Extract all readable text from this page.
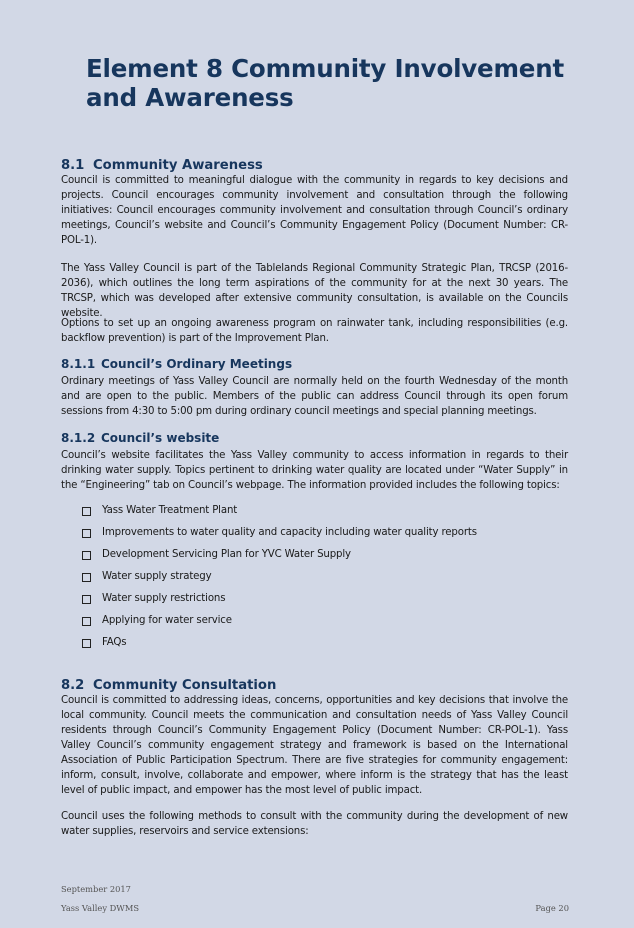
Element 8 Community Involvement and Awareness
8.1 Community Awareness

Council is committed to meaningful dialogue with the community in regards to key decisions and projects. Council encourages community involvement and consultation through the following initiatives: Council encourages community involvement and consultation through Council’s ordinary meetings, Council’s website and Council’s Community Engagement Policy (Document Number: CR-POL-1).

The Yass Valley Council is part of the Tablelands Regional Community Strategic Plan, TRCSP (2016-2036), which outlines the long term aspirations of the community for at the next 30 years. The TRCSP, which was developed after extensive community consultation, is available on the Councils website.

Options to set up an ongoing awareness program on rainwater tank, including responsibilities (e.g. backflow prevention) is part of the Improvement Plan.

8.1.1 Council’s Ordinary Meetings

Ordinary meetings of Yass Valley Council are normally held on the fourth Wednesday of the month and are open to the public. Members of the public can address Council through its open forum sessions from 4:30 to 5:00 pm during ordinary council meetings and special planning meetings.

8.1.2 Council’s website

Council’s website facilitates the Yass Valley community to access information in regards to their drinking water supply. Topics pertinent to drinking water quality are located under “Water Supply” in the “Engineering” tab on Council’s webpage. The information provided includes the following topics:

Yass Water Treatment Plant
Improvements to water quality and capacity including water quality reports
Development Servicing Plan for YVC Water Supply
Water supply strategy
Water supply restrictions
Applying for water service
FAQs
8.2 Community Consultation

Council is committed to addressing ideas, concerns, opportunities and key decisions that involve the local community. Council meets the communication and consultation needs of Yass Valley Council residents through Council’s Community Engagement Policy (Document Number: CR-POL-1). Yass Valley Council’s community engagement strategy and framework is based on the International Association of Public Participation Spectrum. There are five strategies for community engagement: inform, consult, involve, collaborate and empower, where inform is the strategy that has the least level of public impact, and empower has the most level of public impact.

Council uses the following methods to consult with the community during the development of new water supplies, reservoirs and service extensions:

September 2017
Yass Valley DWMS	Page 20
